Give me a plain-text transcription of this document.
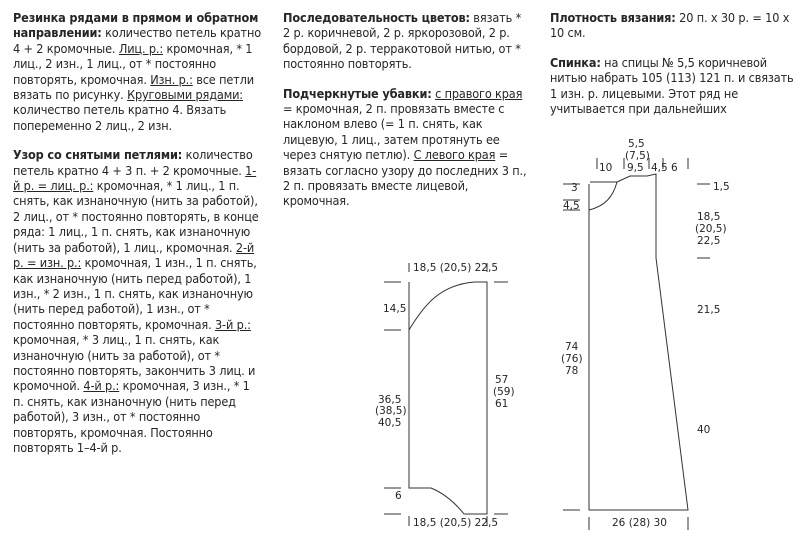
Резинка рядами в прямом и обратном направлении: количество петель кратно 4 + 2 кромочные. Лиц. р.: кромочная, * 1 лиц., 2 изн., 1 лиц., от * постоянно повторять, кромочная. Изн. р.: все петли вязать по рисунку. Круговыми рядами: количество петель кратно 4. Вязать попеременно 2 лиц., 2 изн.

Узор со снятыми петлями: количество петель кратно 4 + 3 п. + 2 кромочные. 1-й р. = лиц. р.: кромочная, * 1 лиц., 1 п. снять, как изнаночную (нить за работой), 2 лиц., от * постоянно повторять, в конце ряда: 1 лиц., 1 п. снять, как изнаночную (нить за работой), 1 лиц., кромочная. 2-й р. = изн. р.: кромочная, 1 изн., 1 п. снять, как изнаночную (нить перед работой), 1 изн., * 2 изн., 1 п. снять, как изнаночную (нить перед работой), 1 изн., от * постоянно повторять, кромочная. 3-й р.: кромочная, * 3 лиц., 1 п. снять, как изнаночную (нить за работой), от * постоянно повторять, закончить 3 лиц. и кромочной. 4-й р.: кромочная, 3 изн., * 1 п. снять, как изнаночную (нить перед работой), 3 изн., от * постоянно повторять, кромочная. Постоянно повторять 1–4-й р.

Последовательность цветов: вязать * 2 р. коричневой, 2 р. яркорозовой, 2 р. бордовой, 2 р. терракотовой нитью, от * постоянно повторять.

Подчеркнутые убавки: с правого края = кромочная, 2 п. провязать вместе с наклоном влево (= 1 п. снять, как лицевую, 1 лиц., затем протянуть ее через снятую петлю). С левого края = вязать согласно узору до последних 3 п., 2 п. провязать вместе лицевой, кромочная.

Плотность вязания: 20 п. х 30 р. = 10 х 10 см.

Спинка: на спицы № 5,5 коричневой нитью набрать 105 (113) 121 п. и связать 1 изн. р. лицевыми. Этот ряд не учитывается при дальнейших

18,5 (20,5) 22,5
18,5 (20,5) 22,5
14,5
36,5
(38,5)
40,5
6
57
(59)
61
5,5
(7,5)
9,5
10	4,5 6
3
4,5
1,5
18,5
(20,5)
22,5
21,5
40
74
(76)
78
26 (28) 30
